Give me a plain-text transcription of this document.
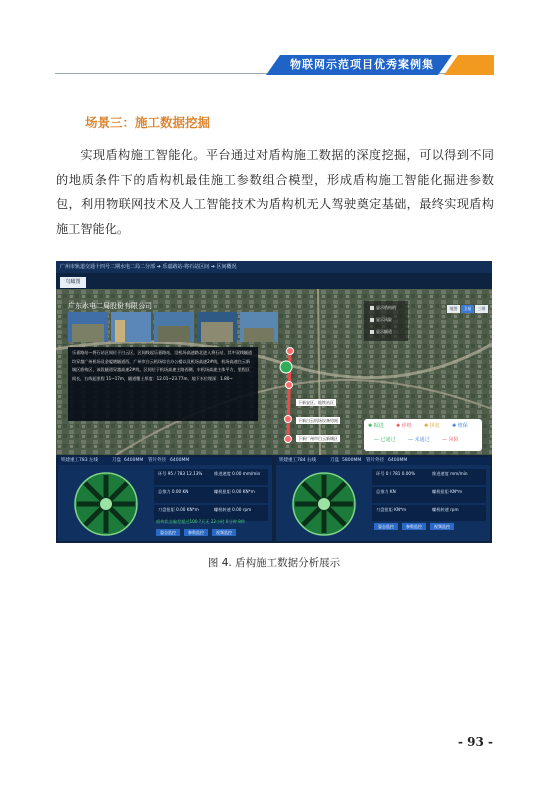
物联网示范项目优秀案例集
场景三：施工数据挖掘
实现盾构施工智能化。平台通过对盾构施工数据的深度挖掘，可以得到不同的地质条件下的盾构机最佳施工参数组合模型，形成盾构施工智能化掘进参数包，利用物联网技术及人工智能技术为盾构机无人驾驶奠定基础，最终实现盾构施工智能化。
广州市轨道交通十四号二期水电二局二分部 ➔ 乐嘉路站-将石站区间 ➔ 区间概况
鸟瞰图
广东水电二局股份有限公司
乐嘉路站—将石站区间位于白云区，区间线起乐嘉路站，沿机场高速路北进入将石站，其中双线隧道均穿越广州机场及金履塘隧道西，广州市白云机场综合办公楼以及机场高速2#线，机场高速白云新城区盾构区，该段隧道穿越高速2#线，区间位于机场高速主路西侧，车机场高速主体平方，里程区间长，右线起里程 11~17m，隧道覆土厚度：12.01~23.77m，地下水位埋深：1.80~
地图 卫星 三维
显示盾构机
显示风险
显示隧道
下新安区、地铁站区
下新白云机场设备房间
下新广州市白云新城区
✺ 掘进 ✺ 停机 ✺ 拼装 ✺ 维保
— 已通过 — 未通过 — 风险
铁建重工783 左线	刀盘 6400MM 管片外径 6400MM
环号 95 / 783 12.13%	推进速度 0.00 mm/min
总推力 0.00 KN	螺机扭矩 0.00 KN*m
刀盘扭矩 0.00 KN*m	螺机转速 0.00 rpm
盾构状态偏差超过100 ?天无 22小时 0分钟 8秒
姿态监控	参数监控	视频监控
铁建重工784 右线	刀盘 5800MM 管片外径 6400MM
环号 0 / 781 0.00%	推进速度 mm/min
总推力 KN	螺机扭矩 KN*m
刀盘扭矩 KN*m	螺机转速 rpm
姿态监控	参数监控	视频监控
图 4. 盾构施工数据分析展示
- 93 -
